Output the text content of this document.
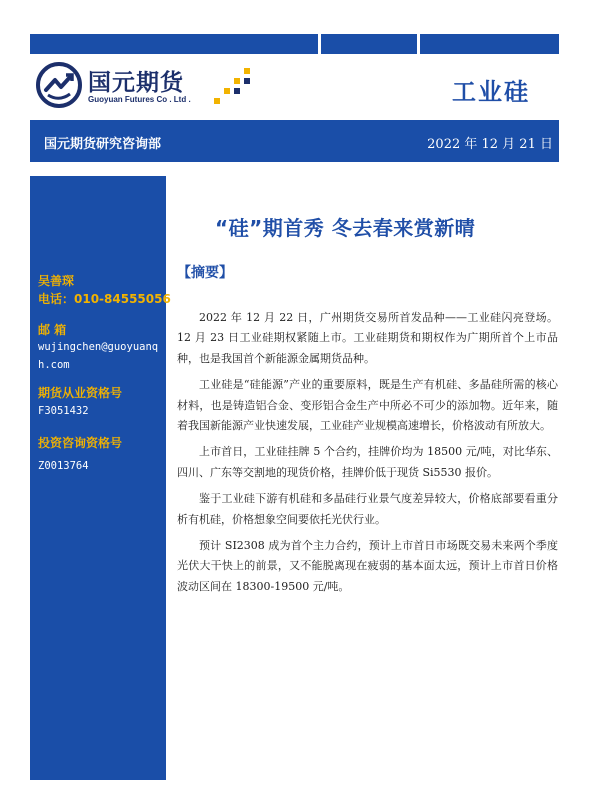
国元期货
Guoyuan Futures Co . Ltd .	工业硅
国元期货研究咨询部	2022 年 12 月 21 日
吴善琛
电话：010-84555056
邮 箱
wujingchen@guoyuanqh.com
期货从业资格号
F3051432
投资咨询资格号
Z0013764
“硅”期首秀 冬去春来赏新晴
【摘要】

2022 年 12 月 22 日，广州期货交易所首发品种——工业硅闪亮登场。12 月 23 日工业硅期权紧随上市。工业硅期货和期权作为广期所首个上市品种，也是我国首个新能源金属期货品种。

工业硅是“硅能源”产业的重要原料，既是生产有机硅、多晶硅所需的核心材料，也是铸造铝合金、变形铝合金生产中所必不可少的添加物。近年来，随着我国新能源产业快速发展，工业硅产业规模高速增长，价格波动有所放大。

上市首日，工业硅挂牌 5 个合约，挂牌价均为 18500 元/吨，对比华东、四川、广东等交割地的现货价格，挂牌价低于现货 Si5530 报价。

鉴于工业硅下游有机硅和多晶硅行业景气度差异较大，价格底部要看重分析有机硅，价格想象空间要依托光伏行业。

预计 SI2308 成为首个主力合约，预计上市首日市场既交易未来两个季度光伏大干快上的前景，又不能脱离现在疲弱的基本面太远，预计上市首日价格波动区间在 18300-19500 元/吨。
